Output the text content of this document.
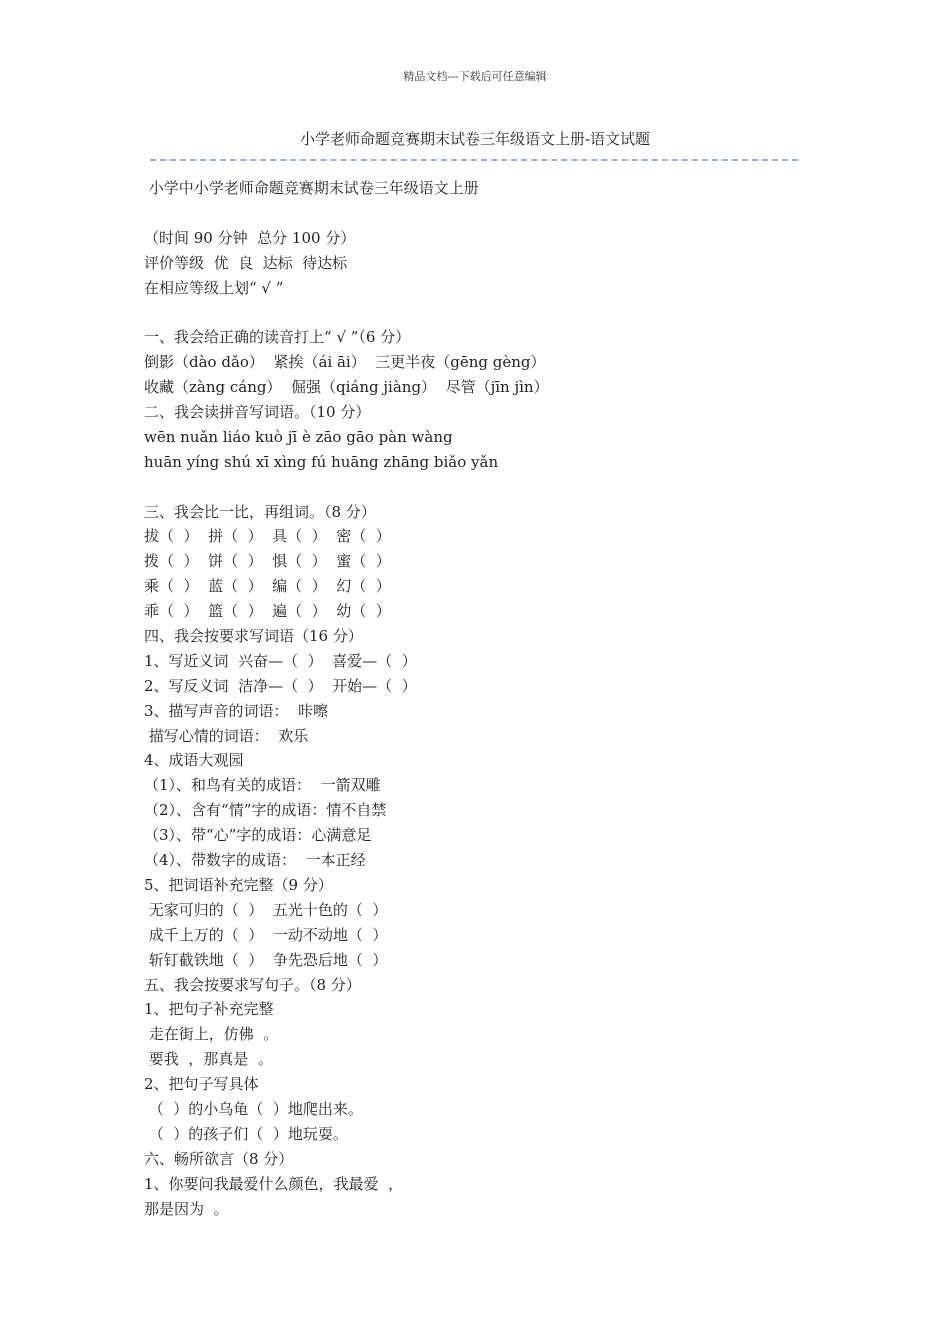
精品文档---下载后可任意编辑
小学老师命题竞赛期末试卷三年级语文上册-语文试题
小学中小学老师命题竞赛期末试卷三年级语文上册
（时间 90 分钟  总分 100 分）
评价等级  优  良  达标  待达标
在相应等级上划“ √ ”
一、我会给正确的读音打上“ √ ”（6 分）
倒影（dào dǎo）  紧挨（ái āi）  三更半夜（gēng gèng）
收藏（zàng cáng）  倔强（qiáng jiàng）  尽管（jīn jìn）
二、我会读拼音写词语。（10 分）
wēn nuǎn liáo kuò jī è zāo gāo pàn wàng
huān yíng shú xī xìng fú huāng zhāng biǎo yǎn
三、我会比一比，再组词。（8 分）
拔（  ）  拼（  ）  具（  ）  密（  ）
拨（  ）  饼（  ）  惧（  ）  蜜（  ）
乘（  ）  蓝（  ）  编（  ）  幻（  ）
乖（  ）  篮（  ）  遍（  ）  幼（  ）
四、我会按要求写词语（16 分）
1、写近义词  兴奋—（  ）  喜爱—（  ）
2、写反义词  洁净—（  ）  开始—（  ）
3、描写声音的词语：  咔嚓
描写心情的词语：  欢乐
4、成语大观园
（1）、和鸟有关的成语：  一箭双雕
（2）、含有“情”字的成语：情不自禁
（3）、带“心”字的成语：心满意足
（4）、带数字的成语：  一本正经
5、把词语补充完整（9 分）
无家可归的（  ）  五光十色的（  ）
成千上万的（  ）  一动不动地（  ）
斩钉截铁地（  ）  争先恐后地（  ）
五、我会按要求写句子。（8 分）
1、把句子补充完整
走在街上，仿佛  。
要我  ，那真是  。
2、把句子写具体
（  ）的小乌龟（  ）地爬出来。
（  ）的孩子们（  ）地玩耍。
六、畅所欲言（8 分）
1、你要问我最爱什么颜色，我最爱  ，
那是因为  。
